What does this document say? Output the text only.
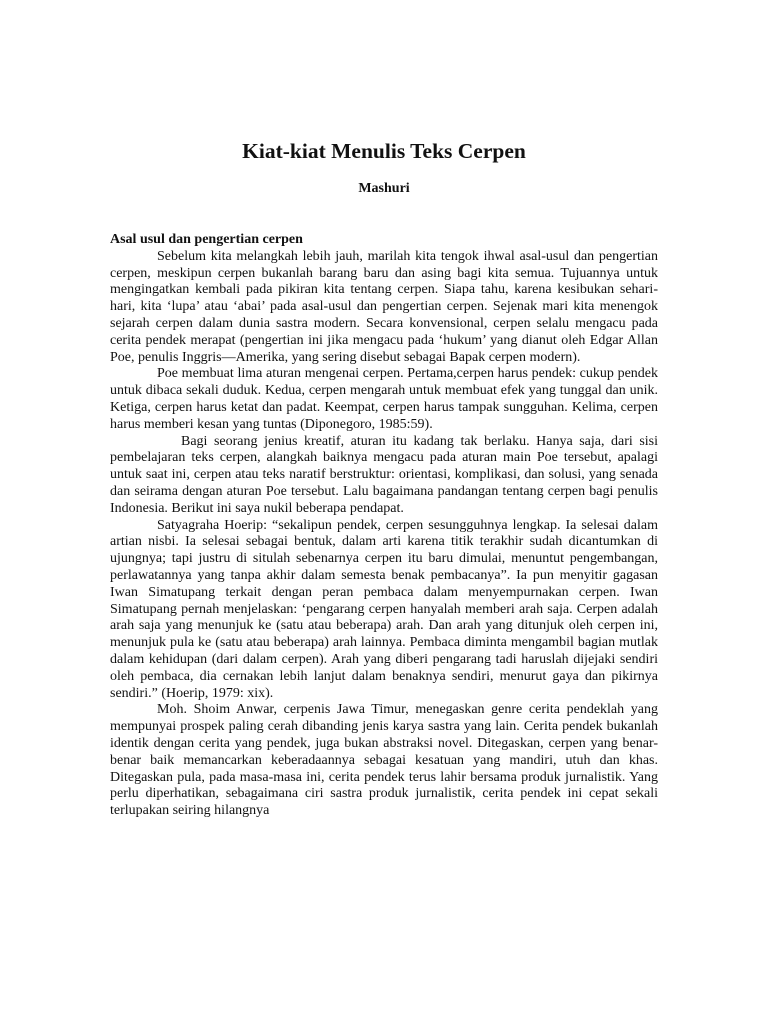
Kiat-kiat Menulis Teks Cerpen
Mashuri

Asal usul dan pengertian cerpen

Sebelum kita melangkah lebih jauh, marilah kita tengok ihwal asal-usul dan pengertian cerpen, meskipun cerpen bukanlah barang baru dan asing bagi kita semua. Tujuannya untuk mengingatkan kembali pada pikiran kita tentang cerpen. Siapa tahu, karena kesibukan sehari-hari, kita ‘lupa’ atau ‘abai’ pada asal-usul dan pengertian cerpen. Sejenak mari kita menengok sejarah cerpen dalam dunia sastra modern. Secara konvensional, cerpen selalu mengacu pada cerita pendek merapat (pengertian ini jika mengacu pada ‘hukum’ yang dianut oleh Edgar Allan Poe, penulis Inggris—Amerika, yang sering disebut sebagai Bapak cerpen modern).

Poe membuat lima aturan mengenai cerpen. Pertama,cerpen harus pendek: cukup pendek untuk dibaca sekali duduk. Kedua, cerpen mengarah untuk membuat efek yang tunggal dan unik. Ketiga, cerpen harus ketat dan padat. Keempat, cerpen harus tampak sungguhan. Kelima, cerpen harus memberi kesan yang tuntas (Diponegoro, 1985:59).

Bagi seorang jenius kreatif, aturan itu kadang tak berlaku. Hanya saja, dari sisi pembelajaran teks cerpen, alangkah baiknya mengacu pada aturan main Poe tersebut, apalagi untuk saat ini, cerpen atau teks naratif berstruktur: orientasi, komplikasi, dan solusi, yang senada dan seirama dengan aturan Poe tersebut. Lalu bagaimana pandangan tentang cerpen bagi penulis Indonesia. Berikut ini saya nukil beberapa pendapat.

Satyagraha Hoerip: “sekalipun pendek, cerpen sesungguhnya lengkap. Ia selesai dalam artian nisbi. Ia selesai sebagai bentuk, dalam arti karena titik terakhir sudah dicantumkan di ujungnya; tapi justru di situlah sebenarnya cerpen itu baru dimulai, menuntut pengembangan, perlawatannya yang tanpa akhir dalam semesta benak pembacanya”. Ia pun menyitir gagasan Iwan Simatupang terkait dengan peran pembaca dalam menyempurnakan cerpen. Iwan Simatupang pernah menjelaskan: ‘pengarang cerpen hanyalah memberi arah saja. Cerpen adalah arah saja yang menunjuk ke (satu atau beberapa) arah. Dan arah yang ditunjuk oleh cerpen ini, menunjuk pula ke (satu atau beberapa) arah lainnya. Pembaca diminta mengambil bagian mutlak dalam kehidupan (dari dalam cerpen). Arah yang diberi pengarang tadi haruslah dijejaki sendiri oleh pembaca, dia cernakan lebih lanjut dalam benaknya sendiri, menurut gaya dan pikirnya sendiri.” (Hoerip, 1979: xix).

Moh. Shoim Anwar, cerpenis Jawa Timur, menegaskan genre cerita pendeklah yang mempunyai prospek paling cerah dibanding jenis karya sastra yang lain. Cerita pendek bukanlah identik dengan cerita yang pendek, juga bukan abstraksi novel. Ditegaskan, cerpen yang benar-benar baik memancarkan keberadaannya sebagai kesatuan yang mandiri, utuh dan khas. Ditegaskan pula, pada masa-masa ini, cerita pendek terus lahir bersama produk jurnalistik. Yang perlu diperhatikan, sebagaimana ciri sastra produk jurnalistik, cerita pendek ini cepat sekali terlupakan seiring hilangnya
